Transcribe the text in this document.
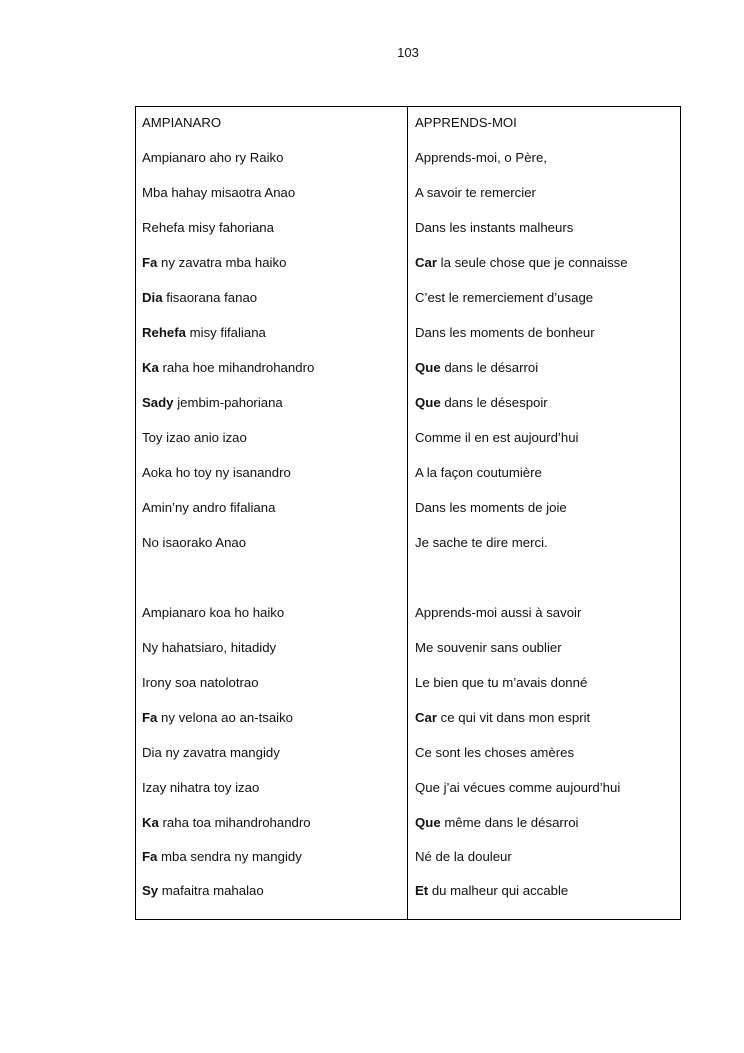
103
AMPIANARO
Ampianaro aho ry Raiko
Mba hahay misaotra Anao
Rehefa misy fahoriana
Fa ny zavatra mba haiko
Dia fisaorana fanao
Rehefa misy fifaliana
Ka raha hoe mihandrohandro
Sady jembim-pahoriana
Toy izao anio izao
Aoka ho toy ny isanandro
Amin’ny andro fifaliana
No isaorako Anao
Ampianaro koa ho haiko
Ny hahatsiaro, hitadidy
Irony soa natolotrao
Fa ny velona ao an-tsaiko
Dia ny zavatra mangidy
Izay nihatra toy izao
Ka raha toa mihandrohandro
Fa mba sendra ny mangidy
Sy mafaitra mahalao
APPRENDS-MOI
Apprends-moi, o Père,
A savoir te remercier
Dans les instants malheurs
Car la seule chose que je connaisse
C’est le remerciement d’usage
Dans les moments de bonheur
Que dans le désarroi
Que dans le désespoir
Comme il en est aujourd’hui
A la façon coutumière
Dans les moments de joie
Je sache te dire merci.
Apprends-moi aussi à savoir
Me souvenir sans oublier
Le bien que tu m’avais donné
Car ce qui vit dans mon esprit
Ce sont les choses amères
Que j’ai vécues comme aujourd’hui
Que même dans le désarroi
Né de la douleur
Et du malheur qui accable
